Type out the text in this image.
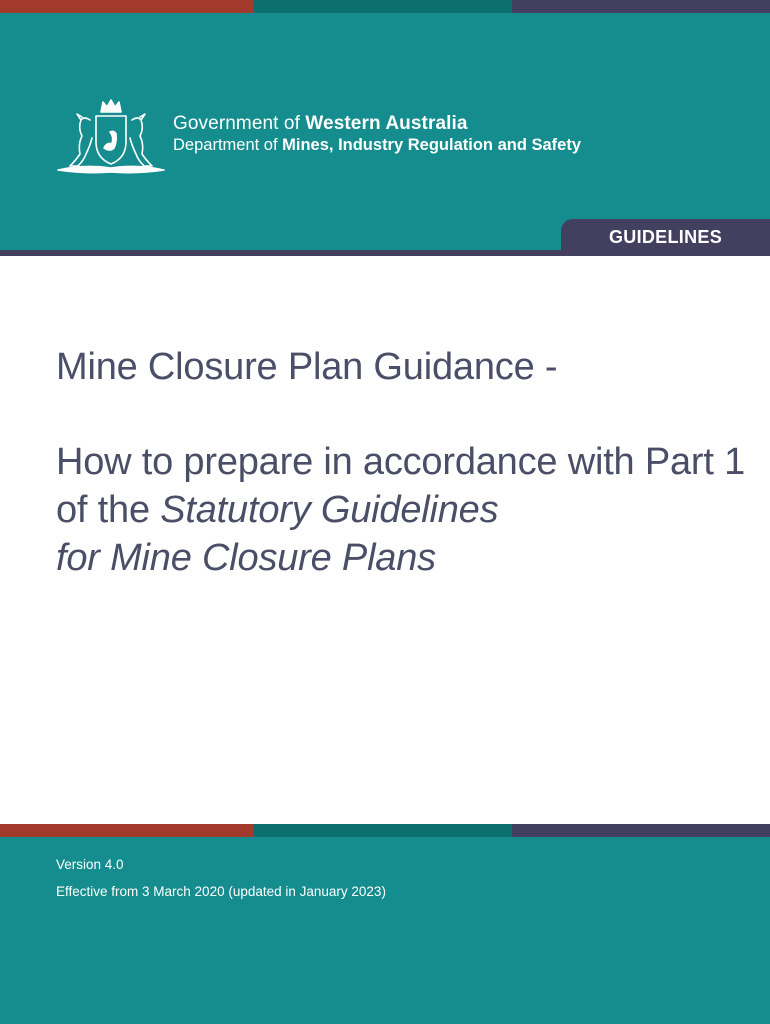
Government of Western Australia
Department of Mines, Industry Regulation and Safety
GUIDELINES
Mine Closure Plan Guidance -
How to prepare in accordance with Part 1 of the Statutory Guidelines
for Mine Closure Plans
Version 4.0
Effective from 3 March 2020 (updated in January 2023)
